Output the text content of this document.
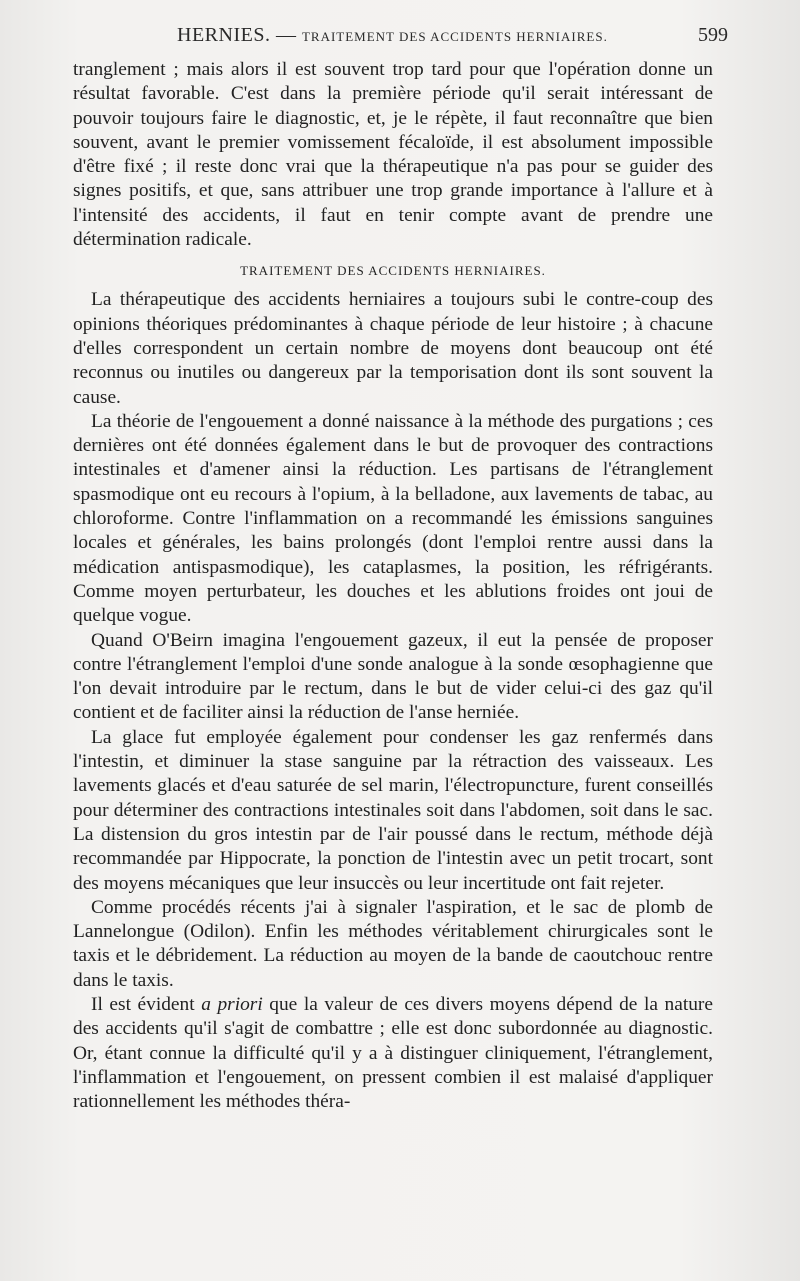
HERNIES. — TRAITEMENT DES ACCIDENTS HERNIAIRES.	599

tranglement ; mais alors il est souvent trop tard pour que l'opération donne un résultat favorable. C'est dans la première période qu'il serait intéressant de pouvoir toujours faire le diagnostic, et, je le répète, il faut reconnaître que bien souvent, avant le premier vomissement fécaloïde, il est absolument impossible d'être fixé ; il reste donc vrai que la thérapeutique n'a pas pour se guider des signes positifs, et que, sans attribuer une trop grande importance à l'allure et à l'intensité des accidents, il faut en tenir compte avant de prendre une détermination radicale.

TRAITEMENT DES ACCIDENTS HERNIAIRES.

La thérapeutique des accidents herniaires a toujours subi le contre-coup des opinions théoriques prédominantes à chaque période de leur histoire ; à chacune d'elles correspondent un certain nombre de moyens dont beaucoup ont été reconnus ou inutiles ou dangereux par la temporisation dont ils sont souvent la cause.

La théorie de l'engouement a donné naissance à la méthode des purgations ; ces dernières ont été données également dans le but de provoquer des contractions intestinales et d'amener ainsi la réduction. Les partisans de l'étranglement spasmodique ont eu recours à l'opium, à la belladone, aux lavements de tabac, au chloroforme. Contre l'inflammation on a recommandé les émissions sanguines locales et générales, les bains prolongés (dont l'emploi rentre aussi dans la médication antispasmodique), les cataplasmes, la position, les réfrigérants. Comme moyen perturbateur, les douches et les ablutions froides ont joui de quelque vogue.

Quand O'Beirn imagina l'engouement gazeux, il eut la pensée de proposer contre l'étranglement l'emploi d'une sonde analogue à la sonde œsophagienne que l'on devait introduire par le rectum, dans le but de vider celui-ci des gaz qu'il contient et de faciliter ainsi la réduction de l'anse herniée.

La glace fut employée également pour condenser les gaz renfermés dans l'intestin, et diminuer la stase sanguine par la rétraction des vaisseaux. Les lavements glacés et d'eau saturée de sel marin, l'électropuncture, furent conseillés pour déterminer des contractions intestinales soit dans l'abdomen, soit dans le sac. La distension du gros intestin par de l'air poussé dans le rectum, méthode déjà recommandée par Hippocrate, la ponction de l'intestin avec un petit trocart, sont des moyens mécaniques que leur insuccès ou leur incertitude ont fait rejeter.

Comme procédés récents j'ai à signaler l'aspiration, et le sac de plomb de Lannelongue (Odilon). Enfin les méthodes véritablement chirurgicales sont le taxis et le débridement. La réduction au moyen de la bande de caoutchouc rentre dans le taxis.

Il est évident a priori que la valeur de ces divers moyens dépend de la nature des accidents qu'il s'agit de combattre ; elle est donc subordonnée au diagnostic. Or, étant connue la difficulté qu'il y a à distinguer cliniquement, l'étranglement, l'inflammation et l'engouement, on pressent combien il est malaisé d'appliquer rationnellement les méthodes théra-
